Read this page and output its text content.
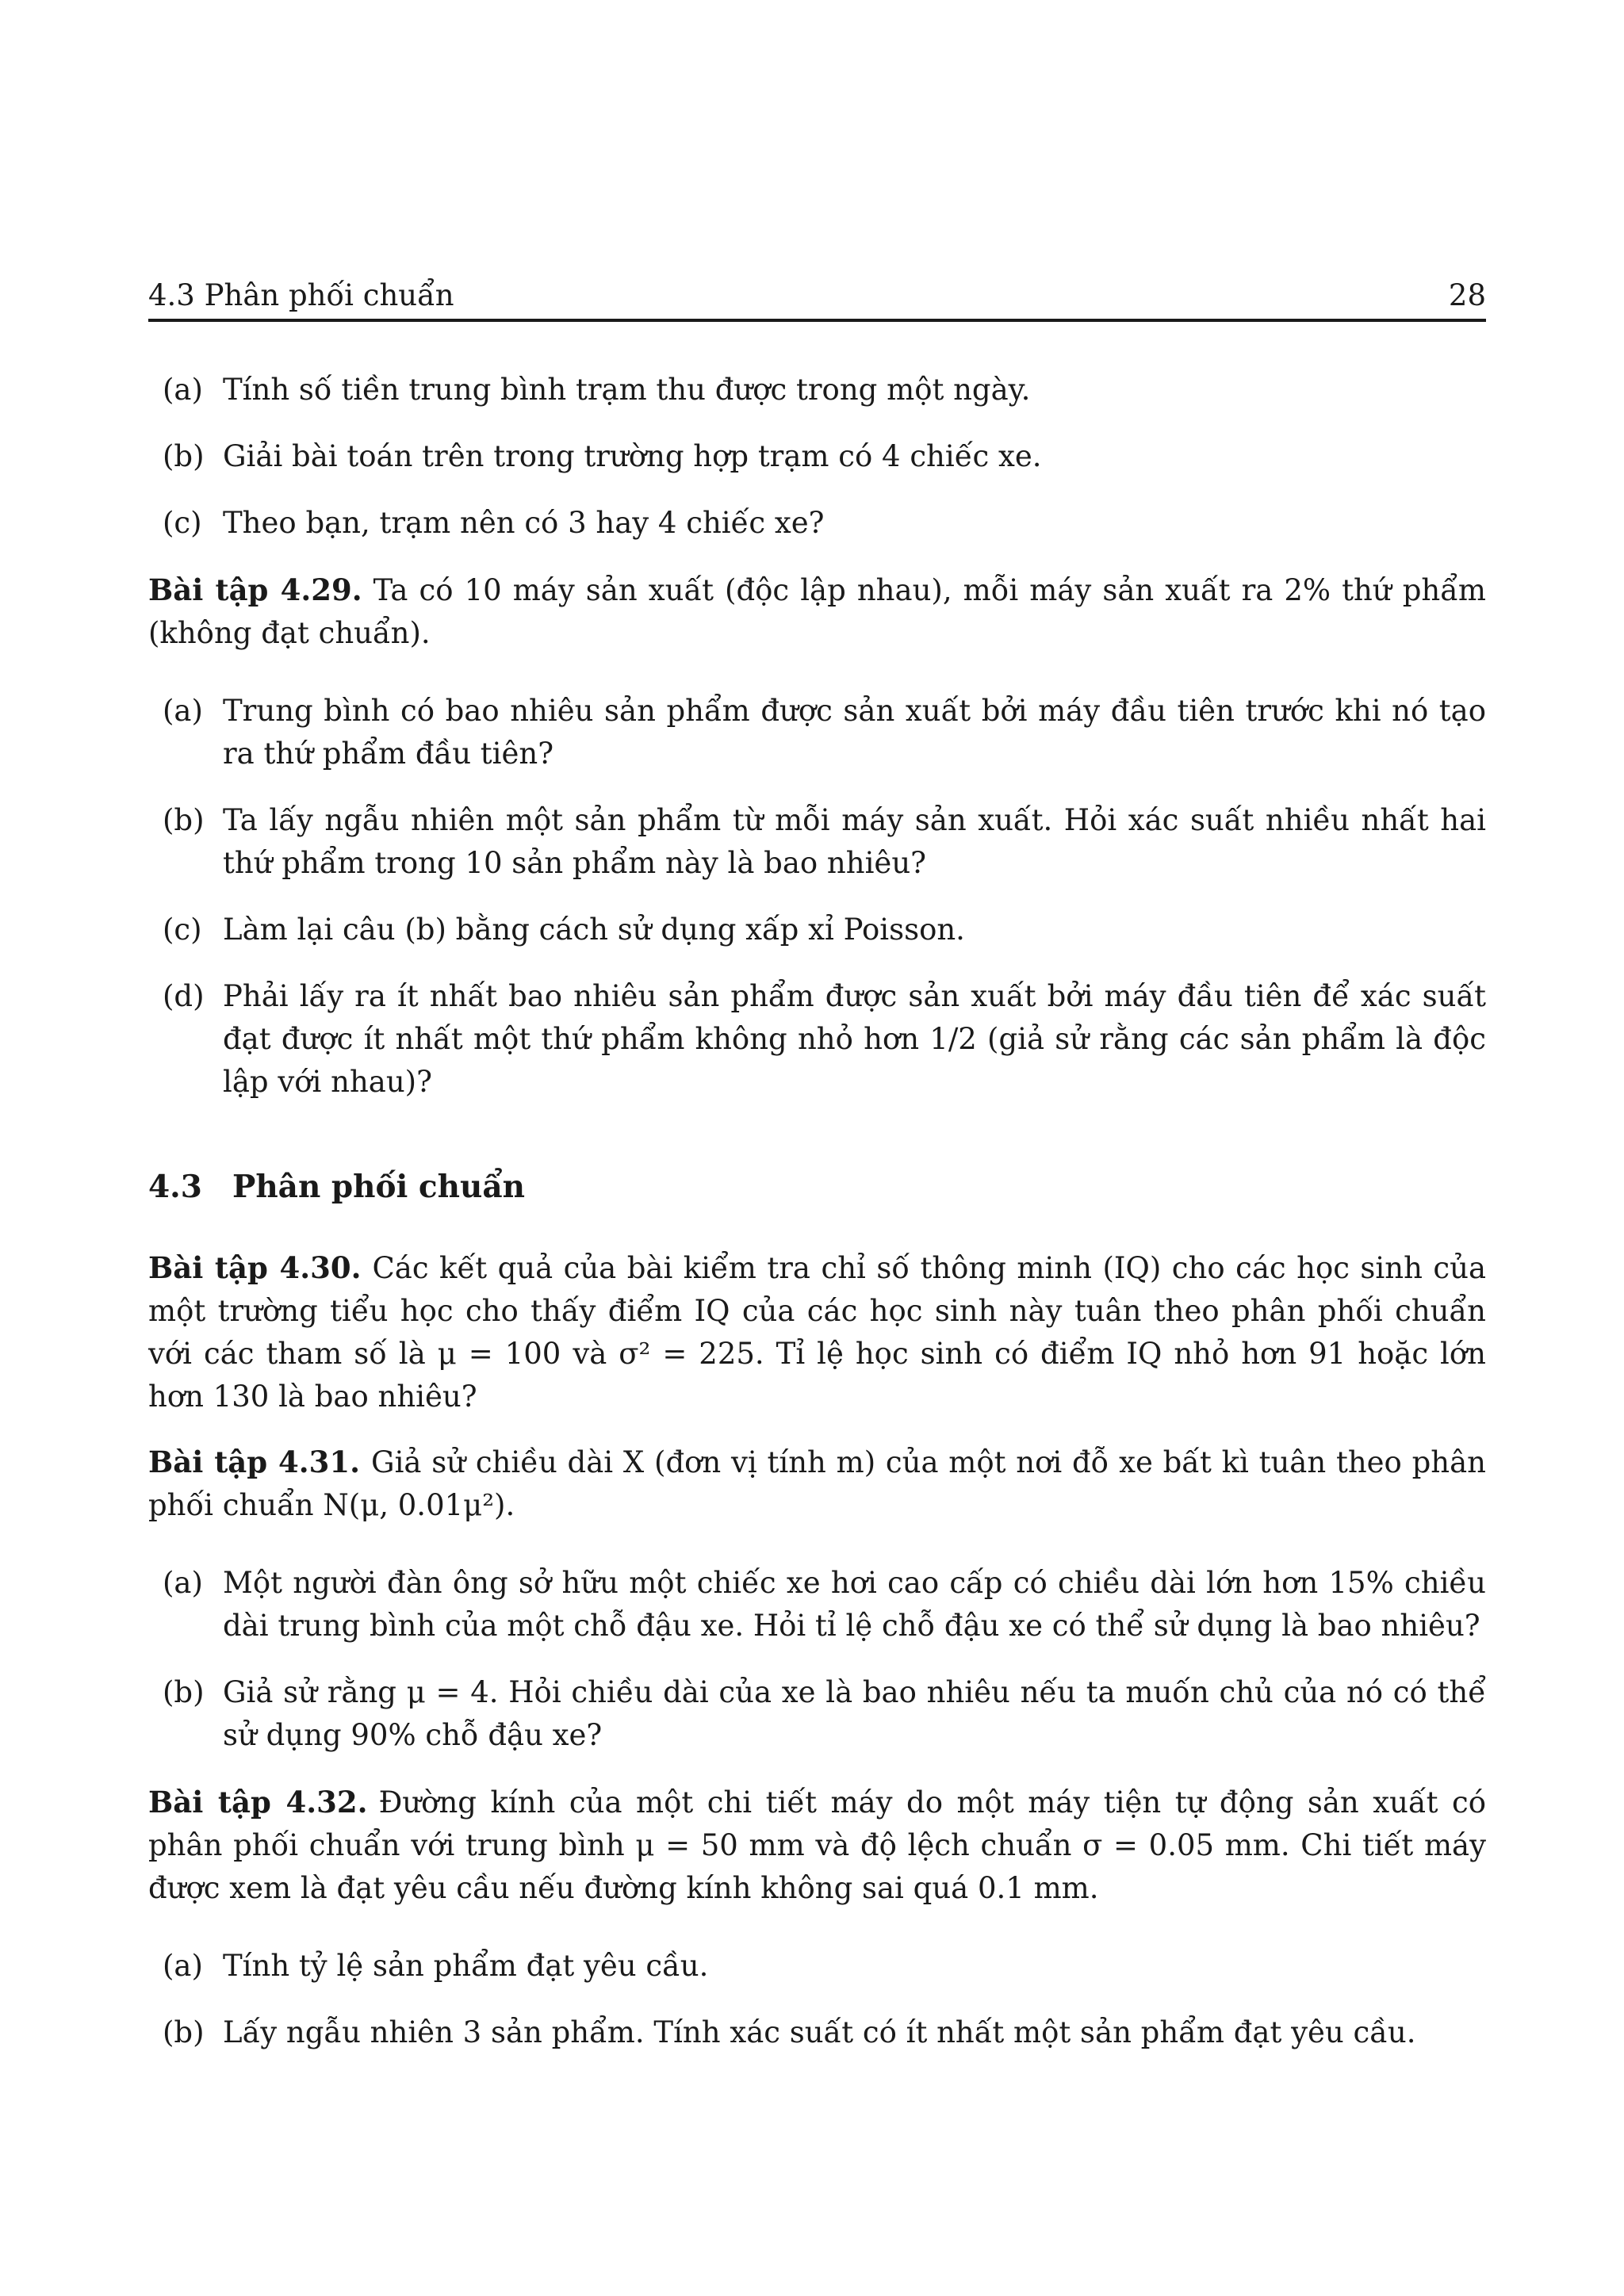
4.3 Phân phối chuẩn	28
(a) Tính số tiền trung bình trạm thu được trong một ngày.
(b) Giải bài toán trên trong trường hợp trạm có 4 chiếc xe.
(c) Theo bạn, trạm nên có 3 hay 4 chiếc xe?
Bài tập 4.29. Ta có 10 máy sản xuất (độc lập nhau), mỗi máy sản xuất ra 2% thứ phẩm (không đạt chuẩn).
(a) Trung bình có bao nhiêu sản phẩm được sản xuất bởi máy đầu tiên trước khi nó tạo ra thứ phẩm đầu tiên?
(b) Ta lấy ngẫu nhiên một sản phẩm từ mỗi máy sản xuất. Hỏi xác suất nhiều nhất hai thứ phẩm trong 10 sản phẩm này là bao nhiêu?
(c) Làm lại câu (b) bằng cách sử dụng xấp xỉ Poisson.
(d) Phải lấy ra ít nhất bao nhiêu sản phẩm được sản xuất bởi máy đầu tiên để xác suất đạt được ít nhất một thứ phẩm không nhỏ hơn 1/2 (giả sử rằng các sản phẩm là độc lập với nhau)?
4.3 Phân phối chuẩn
Bài tập 4.30. Các kết quả của bài kiểm tra chỉ số thông minh (IQ) cho các học sinh của một trường tiểu học cho thấy điểm IQ của các học sinh này tuân theo phân phối chuẩn với các tham số là μ = 100 và σ² = 225. Tỉ lệ học sinh có điểm IQ nhỏ hơn 91 hoặc lớn hơn 130 là bao nhiêu?
Bài tập 4.31. Giả sử chiều dài X (đơn vị tính m) của một nơi đỗ xe bất kì tuân theo phân phối chuẩn N(μ, 0.01μ²).
(a) Một người đàn ông sở hữu một chiếc xe hơi cao cấp có chiều dài lớn hơn 15% chiều dài trung bình của một chỗ đậu xe. Hỏi tỉ lệ chỗ đậu xe có thể sử dụng là bao nhiêu?
(b) Giả sử rằng μ = 4. Hỏi chiều dài của xe là bao nhiêu nếu ta muốn chủ của nó có thể sử dụng 90% chỗ đậu xe?
Bài tập 4.32. Đường kính của một chi tiết máy do một máy tiện tự động sản xuất có phân phối chuẩn với trung bình μ = 50 mm và độ lệch chuẩn σ = 0.05 mm. Chi tiết máy được xem là đạt yêu cầu nếu đường kính không sai quá 0.1 mm.
(a) Tính tỷ lệ sản phẩm đạt yêu cầu.
(b) Lấy ngẫu nhiên 3 sản phẩm. Tính xác suất có ít nhất một sản phẩm đạt yêu cầu.
